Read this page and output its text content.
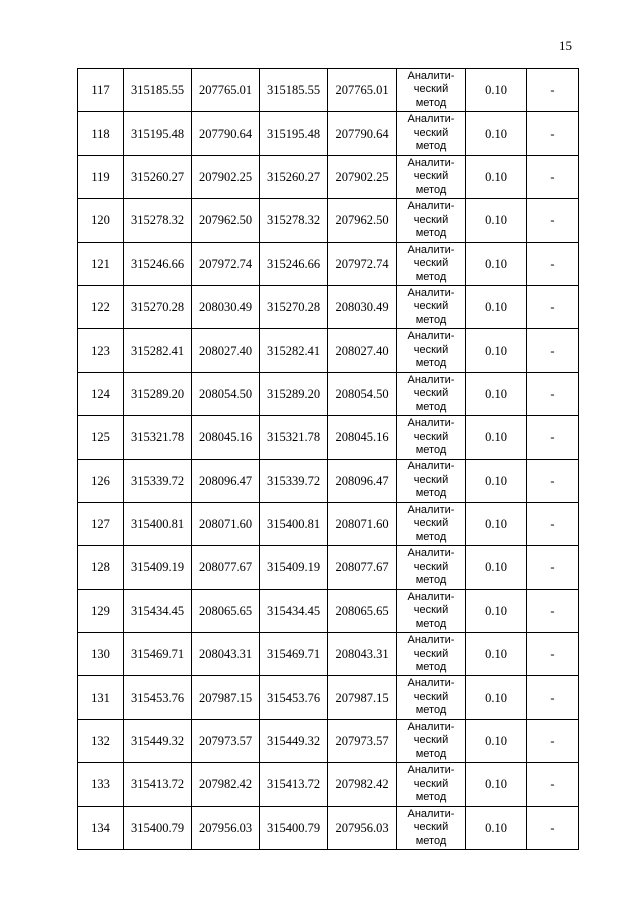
15
117	315185.55	207765.01	315185.55	207765.01	Аналити-
ческий
метод	0.10	-
118	315195.48	207790.64	315195.48	207790.64	Аналити-
ческий
метод	0.10	-
119	315260.27	207902.25	315260.27	207902.25	Аналити-
ческий
метод	0.10	-
120	315278.32	207962.50	315278.32	207962.50	Аналити-
ческий
метод	0.10	-
121	315246.66	207972.74	315246.66	207972.74	Аналити-
ческий
метод	0.10	-
122	315270.28	208030.49	315270.28	208030.49	Аналити-
ческий
метод	0.10	-
123	315282.41	208027.40	315282.41	208027.40	Аналити-
ческий
метод	0.10	-
124	315289.20	208054.50	315289.20	208054.50	Аналити-
ческий
метод	0.10	-
125	315321.78	208045.16	315321.78	208045.16	Аналити-
ческий
метод	0.10	-
126	315339.72	208096.47	315339.72	208096.47	Аналити-
ческий
метод	0.10	-
127	315400.81	208071.60	315400.81	208071.60	Аналити-
ческий
метод	0.10	-
128	315409.19	208077.67	315409.19	208077.67	Аналити-
ческий
метод	0.10	-
129	315434.45	208065.65	315434.45	208065.65	Аналити-
ческий
метод	0.10	-
130	315469.71	208043.31	315469.71	208043.31	Аналити-
ческий
метод	0.10	-
131	315453.76	207987.15	315453.76	207987.15	Аналити-
ческий
метод	0.10	-
132	315449.32	207973.57	315449.32	207973.57	Аналити-
ческий
метод	0.10	-
133	315413.72	207982.42	315413.72	207982.42	Аналити-
ческий
метод	0.10	-
134	315400.79	207956.03	315400.79	207956.03	Аналити-
ческий
метод	0.10	-
